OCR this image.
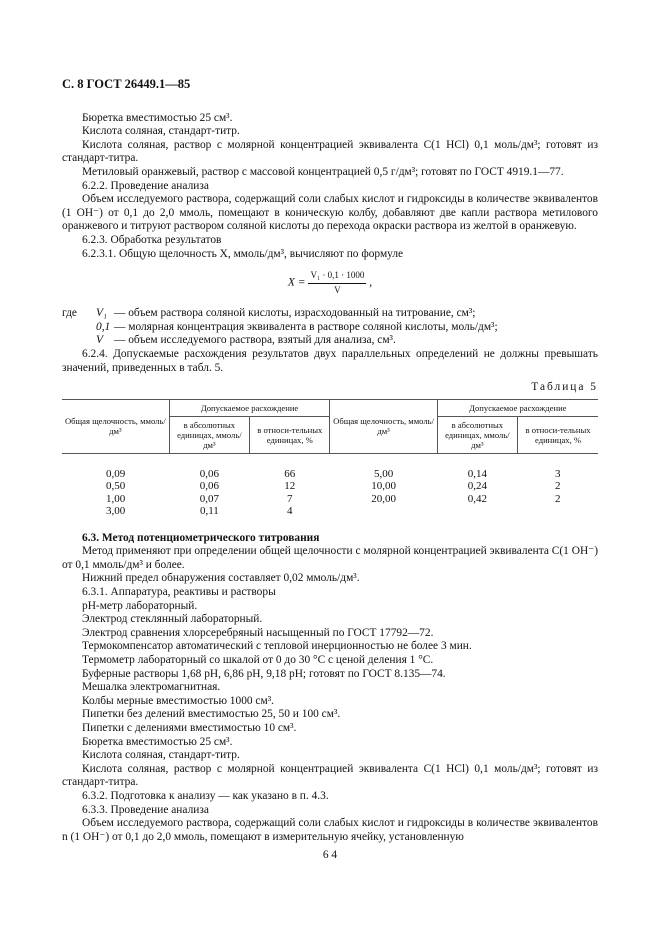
С. 8 ГОСТ 26449.1—85

Бюретка вместимостью 25 см³.

Кислота соляная, стандарт-титр.

Кислота соляная, раствор с молярной концентрацией эквивалента C(1 HCl) 0,1 моль/дм³; готовят из стандарт-титра.

Метиловый оранжевый, раствор с массовой концентрацией 0,5 г/дм³; готовят по ГОСТ 4919.1—77.

6.2.2. Проведение анализа

Объем исследуемого раствора, содержащий соли слабых кислот и гидроксиды в количестве эквивалентов (1 OH⁻) от 0,1 до 2,0 ммоль, помещают в коническую колбу, добавляют две капли раствора метилового оранжевого и титруют раствором соляной кислоты до перехода окраски раствора из желтой в оранжевую.

6.2.3. Обработка результатов

6.2.3.1. Общую щелочность X, ммоль/дм³, вычисляют по формуле

$X = \frac{\text{V₁ · 0,1 · 1000}}{V}$ ,
где	V₁ — объем раствора соляной кислоты, израсходованный на титрование, см³;
0,1 — молярная концентрация эквивалента в растворе соляной кислоты, моль/дм³;
V — объем исследуемого раствора, взятый для анализа, см³.

6.2.4. Допускаемые расхождения результатов двух параллельных определений не должны превышать значений, приведенных в табл. 5.

Таблица 5
Общая щелочность, ммоль/дм³	Допускаемое расхождение		Общая щелочность, ммоль/дм³	Допускаемое расхождение	
	в абсолютных единицах, ммоль/дм³	в относи-тельных единицах, %		в абсолютных единицах, ммоль/дм³	в относи-тельных единицах, %
0,09	0,06	66	5,00	0,14	3
0,50	0,06	12	10,00	0,24	2
1,00	0,07	7	20,00	0,42	2
3,00	0,11	4			

6.3. Метод потенциометрического титрования

Метод применяют при определении общей щелочности с молярной концентрацией эквивалента C(1 OH⁻) от 0,1 ммоль/дм³ и более.

Нижний предел обнаружения составляет 0,02 ммоль/дм³.

6.3.1. Аппаратура, реактивы и растворы

pH-метр лабораторный.

Электрод стеклянный лабораторный.

Электрод сравнения хлорсеребряный насыщенный по ГОСТ 17792—72.

Термокомпенсатор автоматический с тепловой инерционностью не более 3 мин.

Термометр лабораторный со шкалой от 0 до 30 °С с ценой деления 1 °С.

Буферные растворы 1,68 pH, 6,86 pH, 9,18 pH; готовят по ГОСТ 8.135—74.

Мешалка электромагнитная.

Колбы мерные вместимостью 1000 см³.

Пипетки без делений вместимостью 25, 50 и 100 см³.

Пипетки с делениями вместимостью 10 см³.

Бюретка вместимостью 25 см³.

Кислота соляная, стандарт-титр.

Кислота соляная, раствор с молярной концентрацией эквивалента C(1 HCl) 0,1 моль/дм³; готовят из стандарт-титра.

6.3.2. Подготовка к анализу — как указано в п. 4.3.

6.3.3. Проведение анализа

Объем исследуемого раствора, содержащий соли слабых кислот и гидроксиды в количестве эквивалентов n (1 OH⁻) от 0,1 до 2,0 ммоль, помещают в измерительную ячейку, установленную

6 4
